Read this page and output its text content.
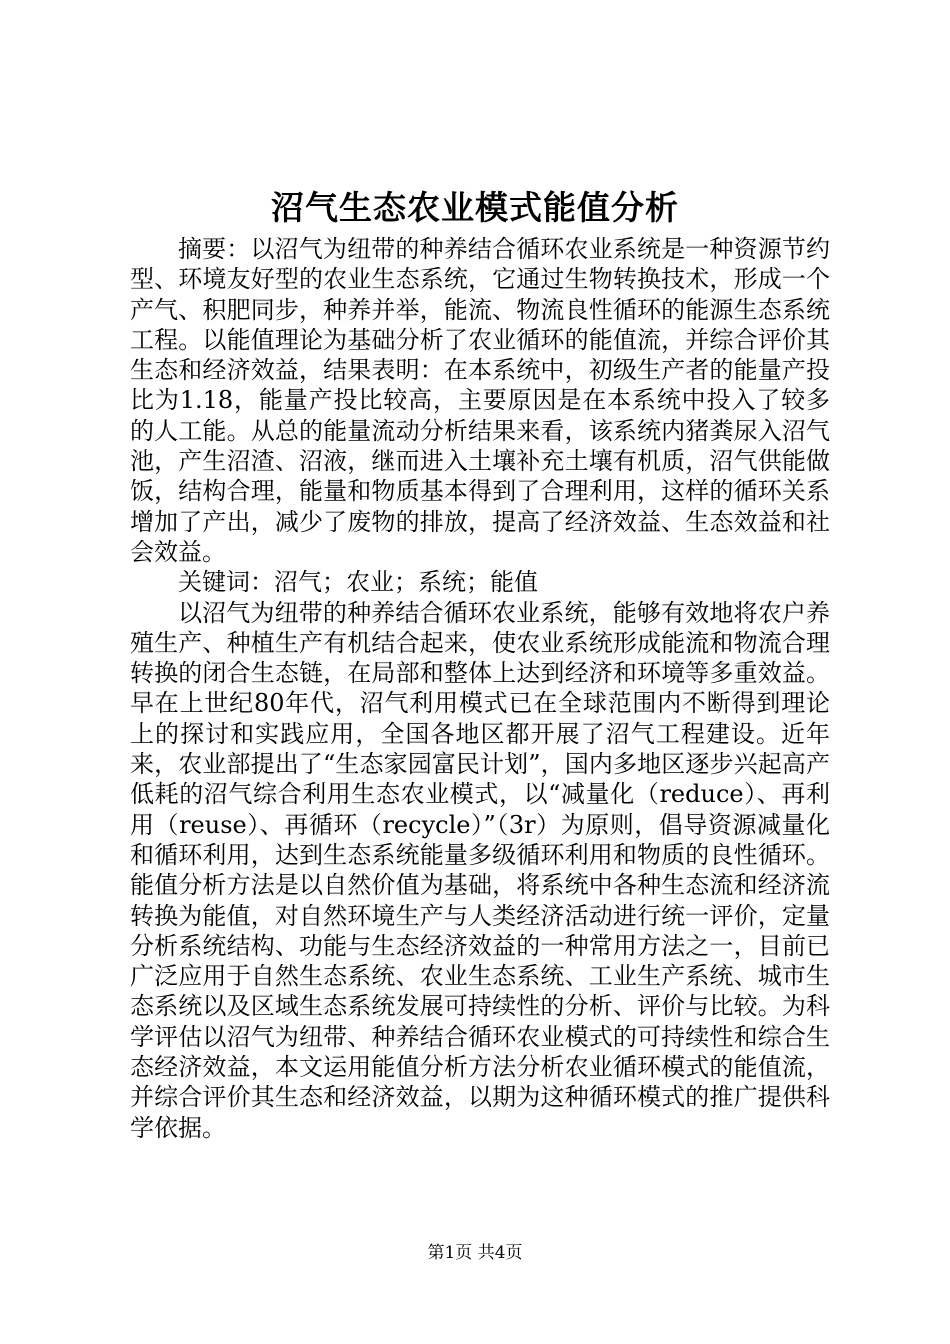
沼气生态农业模式能值分析

摘要：以沼气为纽带的种养结合循环农业系统是一种资源节约型、环境友好型的农业生态系统，它通过生物转换技术，形成一个产气、积肥同步，种养并举，能流、物流良性循环的能源生态系统工程。以能值理论为基础分析了农业循环的能值流，并综合评价其生态和经济效益，结果表明：在本系统中，初级生产者的能量产投比为1.18，能量产投比较高，主要原因是在本系统中投入了较多的人工能。从总的能量流动分析结果来看，该系统内猪粪尿入沼气池，产生沼渣、沼液，继而进入土壤补充土壤有机质，沼气供能做饭，结构合理，能量和物质基本得到了合理利用，这样的循环关系增加了产出，减少了废物的排放，提高了经济效益、生态效益和社会效益。

关键词：沼气；农业；系统；能值

以沼气为纽带的种养结合循环农业系统，能够有效地将农户养殖生产、种植生产有机结合起来，使农业系统形成能流和物流合理转换的闭合生态链，在局部和整体上达到经济和环境等多重效益。早在上世纪80年代，沼气利用模式已在全球范围内不断得到理论上的探讨和实践应用，全国各地区都开展了沼气工程建设。近年来，农业部提出了“生态家园富民计划”，国内多地区逐步兴起高产低耗的沼气综合利用生态农业模式，以“减量化（reduce）、再利用（reuse）、再循环（recycle）”（3r）为原则，倡导资源减量化和循环利用，达到生态系统能量多级循环利用和物质的良性循环。能值分析方法是以自然价值为基础，将系统中各种生态流和经济流转换为能值，对自然环境生产与人类经济活动进行统一评价，定量分析系统结构、功能与生态经济效益的一种常用方法之一，目前已广泛应用于自然生态系统、农业生态系统、工业生产系统、城市生态系统以及区域生态系统发展可持续性的分析、评价与比较。为科学评估以沼气为纽带、种养结合循环农业模式的可持续性和综合生态经济效益，本文运用能值分析方法分析农业循环模式的能值流，并综合评价其生态和经济效益，以期为这种循环模式的推广提供科学依据。

第1页 共4页
